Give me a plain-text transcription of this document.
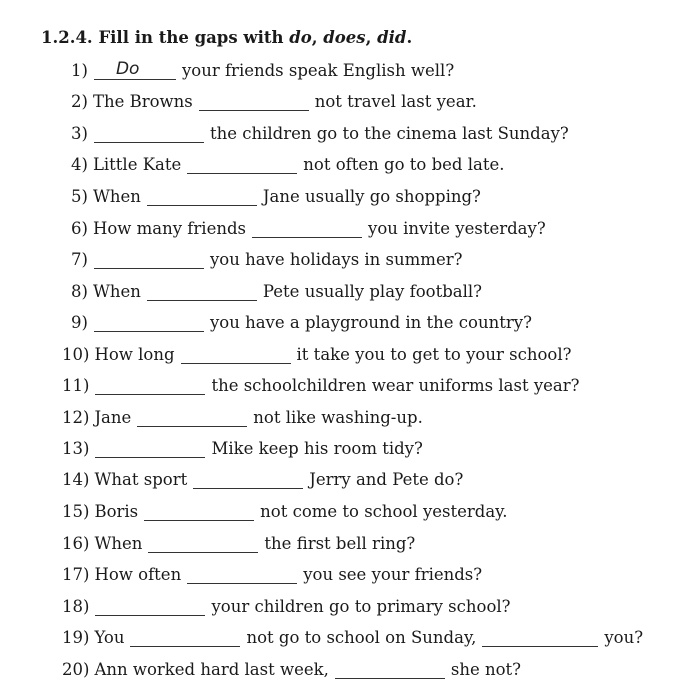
1.2.4. Fill in the gaps with do, does, did.
1) Do	your friends speak English well?
2) The Browns	not travel last year.
3)	the children go to the cinema last Sunday?
4) Little Kate	not often go to bed late.
5) When	Jane usually go shopping?
6) How many friends	you invite yesterday?
7)	you have holidays in summer?
8) When	Pete usually play football?
9)	you have a playground in the country?
10) How long	it take you to get to your school?
11)	the schoolchildren wear uniforms last year?
12) Jane	not like washing-up.
13)	Mike keep his room tidy?
14) What sport	Jerry and Pete do?
15) Boris	not come to school yesterday.
16) When	the first bell ring?
17) How often	you see your friends?
18)	your children go to primary school?
19) You	not go to school on Sunday,	you?
20) Ann worked hard last week,	she not?
